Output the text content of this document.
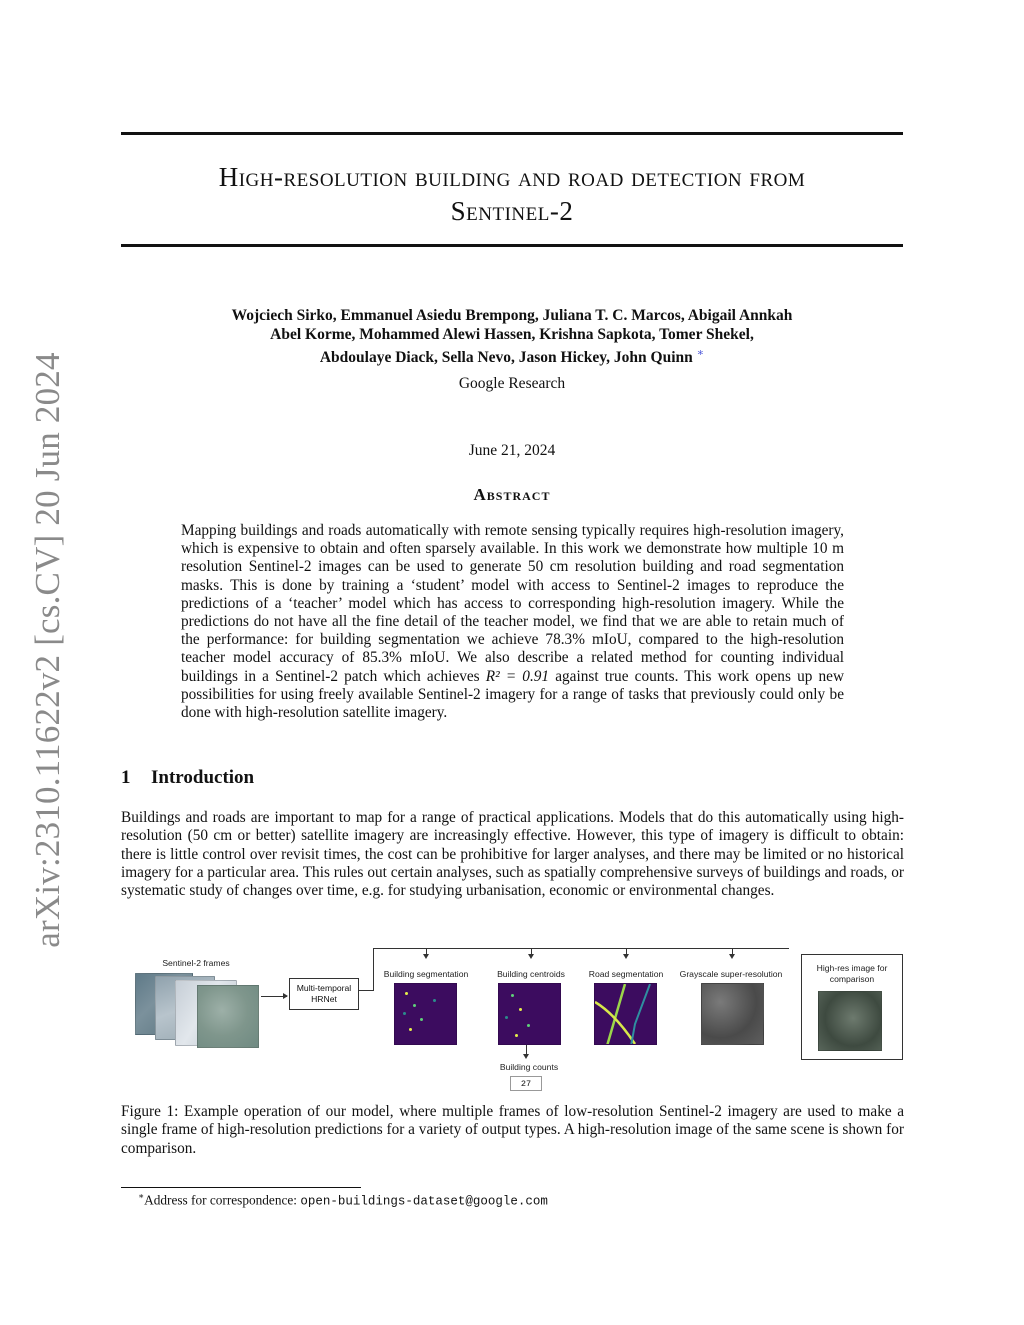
arXiv:2310.11622v2 [cs.CV] 20 Jun 2024
High-resolution building and road detection from
Sentinel-2
Wojciech Sirko, Emmanuel Asiedu Brempong, Juliana T. C. Marcos, Abigail Annkah
Abel Korme, Mohammed Alewi Hassen, Krishna Sapkota, Tomer Shekel,
Abdoulaye Diack, Sella Nevo, Jason Hickey, John Quinn ∗
Google Research
June 21, 2024
Abstract
Mapping buildings and roads automatically with remote sensing typically requires high-resolution imagery, which is expensive to obtain and often sparsely available. In this work we demonstrate how multiple 10 m resolution Sentinel-2 images can be used to generate 50 cm resolution building and road segmentation masks. This is done by training a ‘student’ model with access to Sentinel-2 images to reproduce the predictions of a ‘teacher’ model which has access to corresponding high-resolution imagery. While the predictions do not have all the fine detail of the teacher model, we find that we are able to retain much of the performance: for building segmentation we achieve 78.3% mIoU, compared to the high-resolution teacher model accuracy of 85.3% mIoU. We also describe a related method for counting individual buildings in a Sentinel-2 patch which achieves R² = 0.91 against true counts. This work opens up new possibilities for using freely available Sentinel-2 imagery for a range of tasks that previously could only be done with high-resolution satellite imagery.
1 Introduction
Buildings and roads are important to map for a range of practical applications. Models that do this automatically using high-resolution (50 cm or better) satellite imagery are increasingly effective. However, this type of imagery is difficult to obtain: there is little control over revisit times, the cost can be prohibitive for larger analyses, and there may be limited or no historical imagery for a particular area. This rules out certain analyses, such as spatially comprehensive surveys of buildings and roads, or systematic study of changes over time, e.g. for studying urbanisation, economic or environmental changes.
Sentinel-2 frames
Multi-temporal
HRNet
Building segmentation	Building centroids	Road segmentation	Grayscale super-resolution
High-res image for
comparison
Building counts
27
Figure 1: Example operation of our model, where multiple frames of low-resolution Sentinel-2 imagery are used to make a single frame of high-resolution predictions for a variety of output types. A high-resolution image of the same scene is shown for comparison.
∗Address for correspondence: open-buildings-dataset@google.com
